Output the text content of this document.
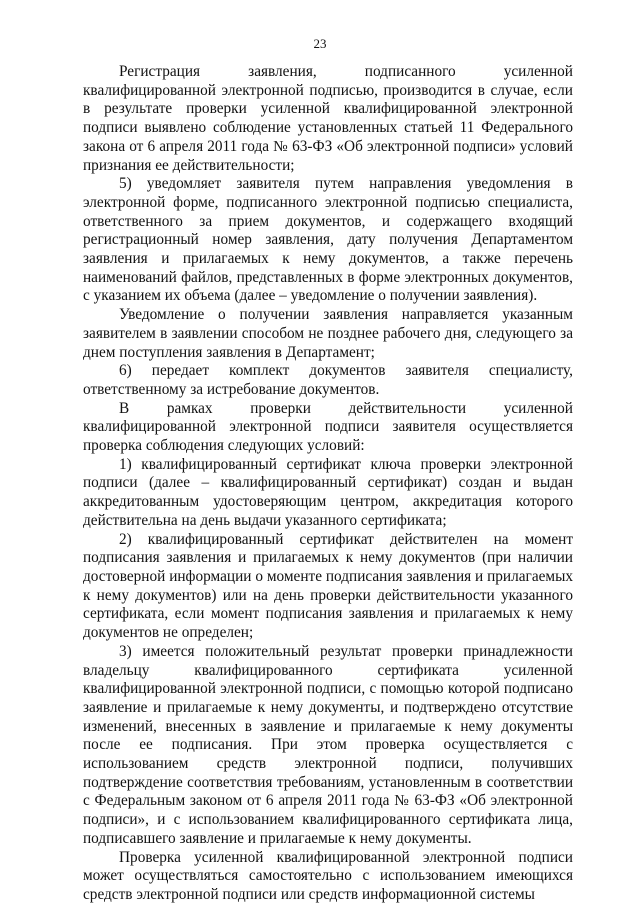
23

Регистрация заявления, подписанного усиленной квалифицированной электронной подписью, производится в случае, если в результате проверки усиленной квалифицированной электронной подписи выявлено соблюдение установленных статьей 11 Федерального закона от 6 апреля 2011 года № 63-ФЗ «Об электронной подписи» условий признания ее действительности;

5) уведомляет заявителя путем направления уведомления в электронной форме, подписанного электронной подписью специалиста, ответственного за прием документов, и содержащего входящий регистрационный номер заявления, дату получения Департаментом заявления и прилагаемых к нему документов, а также перечень наименований файлов, представленных в форме электронных документов, с указанием их объема (далее – уведомление о получении заявления).

Уведомление о получении заявления направляется указанным заявителем в заявлении способом не позднее рабочего дня, следующего за днем поступления заявления в Департамент;

6) передает комплект документов заявителя специалисту, ответственному за истребование документов.

В рамках проверки действительности усиленной квалифицированной электронной подписи заявителя осуществляется проверка соблюдения следующих условий:

1) квалифицированный сертификат ключа проверки электронной подписи (далее – квалифицированный сертификат) создан и выдан аккредитованным удостоверяющим центром, аккредитация которого действительна на день выдачи указанного сертификата;

2) квалифицированный сертификат действителен на момент подписания заявления и прилагаемых к нему документов (при наличии достоверной информации о моменте подписания заявления и прилагаемых к нему документов) или на день проверки действительности указанного сертификата, если момент подписания заявления и прилагаемых к нему документов не определен;

3) имеется положительный результат проверки принадлежности владельцу квалифицированного сертификата усиленной квалифицированной электронной подписи, с помощью которой подписано заявление и прилагаемые к нему документы, и подтверждено отсутствие изменений, внесенных в заявление и прилагаемые к нему документы после ее подписания. При этом проверка осуществляется с использованием средств электронной подписи, получивших подтверждение соответствия требованиям, установленным в соответствии с Федеральным законом от 6 апреля 2011 года № 63-ФЗ «Об электронной подписи», и с использованием квалифицированного сертификата лица, подписавшего заявление и прилагаемые к нему документы.

Проверка усиленной квалифицированной электронной подписи может осуществляться самостоятельно с использованием имеющихся средств электронной подписи или средств информационной системы
